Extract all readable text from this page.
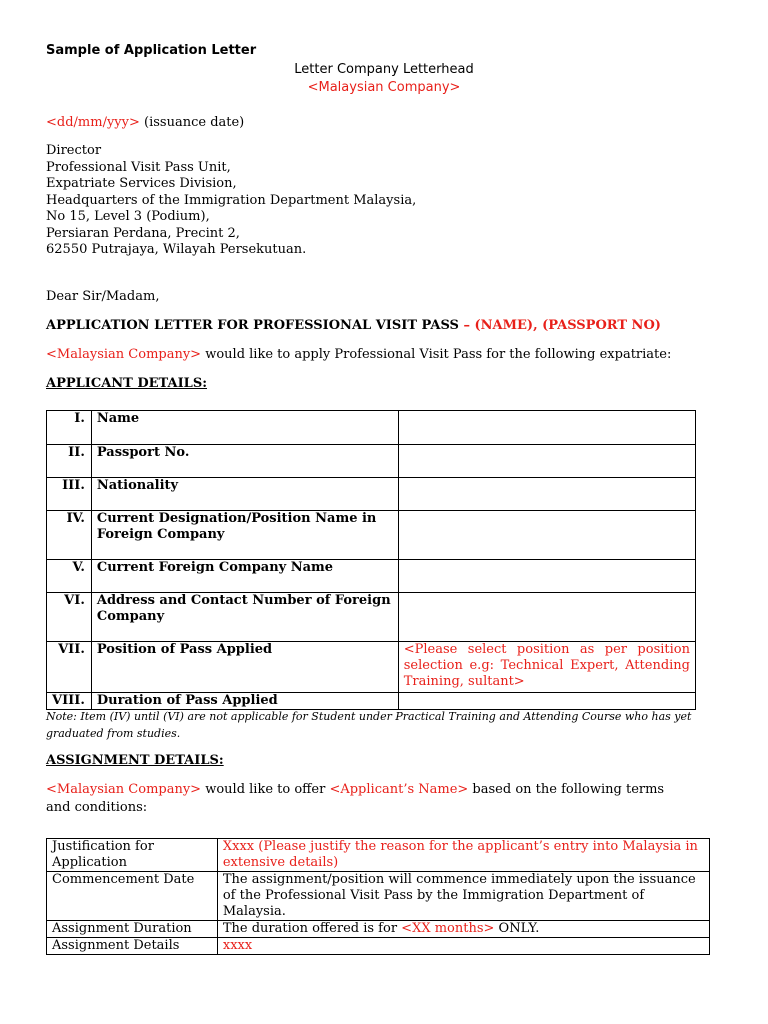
Sample of Application Letter
Letter Company Letterhead
<Malaysian Company>
<dd/mm/yyy> (issuance date)
Director
Professional Visit Pass Unit,
Expatriate Services Division,
Headquarters of the Immigration Department Malaysia,
No 15, Level 3 (Podium),
Persiaran Perdana, Precint 2,
62550 Putrajaya, Wilayah Persekutuan.
Dear Sir/Madam,
APPLICATION LETTER FOR PROFESSIONAL VISIT PASS – (NAME), (PASSPORT NO)
<Malaysian Company> would like to apply Professional Visit Pass for the following expatriate:
APPLICANT DETAILS:
I.	Name	
II.	Passport No.	
III.	Nationality	
IV.	Current Designation/Position Name in Foreign Company	
V.	Current Foreign Company Name	
VI.	Address and Contact Number of Foreign Company	
VII.	Position of Pass Applied	<Please select position as per position selection e.g: Technical Expert, Attending Training, sultant>
VIII.	Duration of Pass Applied	
Note: Item (IV) until (VI) are not applicable for Student under Practical Training and Attending Course who has yet graduated from studies.
ASSIGNMENT DETAILS:
<Malaysian Company> would like to offer <Applicant’s Name> based on the following terms and conditions:
Justification for Application	Xxxx (Please justify the reason for the applicant’s entry into Malaysia in extensive details)
Commencement Date	The assignment/position will commence immediately upon the issuance of the Professional Visit Pass by the Immigration Department of Malaysia.
Assignment Duration	The duration offered is for <XX months> ONLY.
Assignment Details	xxxx
